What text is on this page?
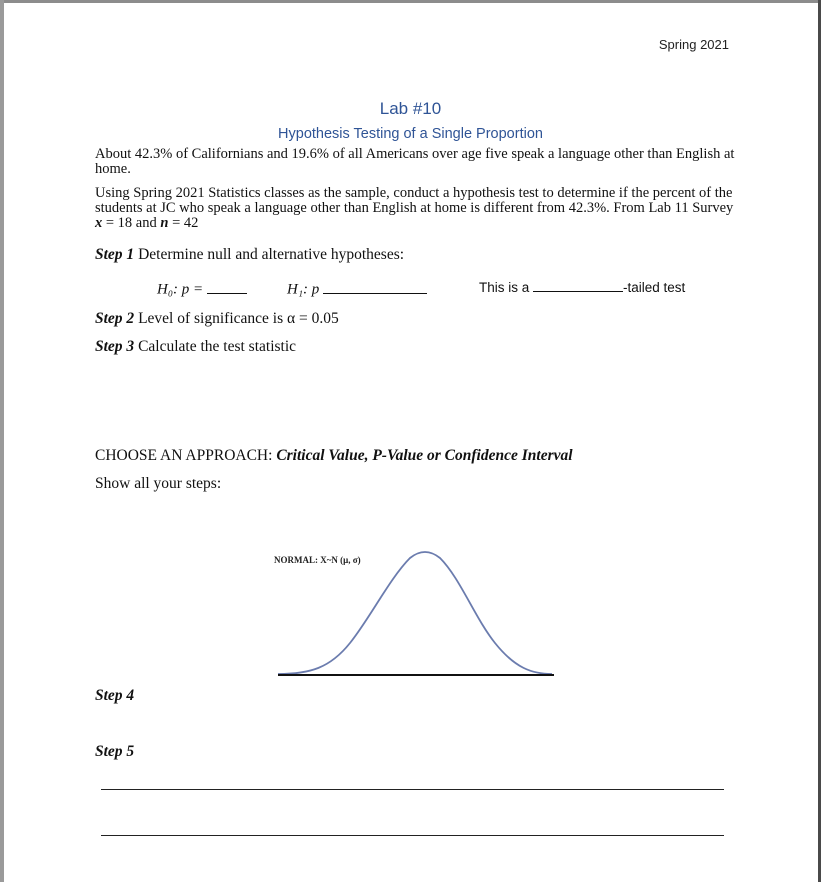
Spring 2021
Lab #10
Hypothesis Testing of a Single Proportion
About 42.3% of Californians and 19.6% of all Americans over age five speak a language other than English at home.
Using Spring 2021 Statistics classes as the sample, conduct a hypothesis test to determine if the percent of the students at JC who speak a language other than English at home is different from 42.3%. From Lab 11 Survey x = 18 and n = 42
Step 1 Determine null and alternative hypotheses:
H₀: p =	H₁: p	This is a	-tailed test
Step 2 Level of significance is α = 0.05
Step 3 Calculate the test statistic
CHOOSE AN APPROACH: Critical Value, P-Value or Confidence Interval
Show all your steps:
NORMAL: X~N (μ, σ)
Step 4
Step 5
